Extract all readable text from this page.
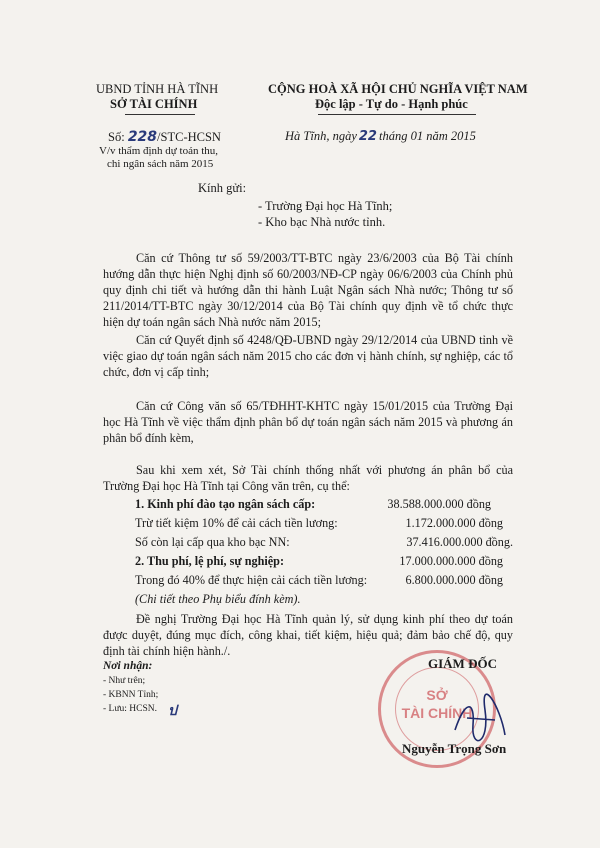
UBND TỈNH HÀ TĨNH
SỞ TÀI CHÍNH
Số: 228/STC-HCSN
V/v thẩm định dự toán thu,
chi ngân sách năm 2015
CỘNG HOÀ XÃ HỘI CHỦ NGHĨA VIỆT NAM
Độc lập - Tự do - Hạnh phúc
Hà Tĩnh, ngày 22 tháng 01 năm 2015
Kính gửi:
- Trường Đại học Hà Tĩnh;
- Kho bạc Nhà nước tỉnh.
Căn cứ Thông tư số 59/2003/TT-BTC ngày 23/6/2003 của Bộ Tài chính hướng dẫn thực hiện Nghị định số 60/2003/NĐ-CP ngày 06/6/2003 của Chính phủ quy định chi tiết và hướng dẫn thi hành Luật Ngân sách Nhà nước; Thông tư số 211/2014/TT-BTC ngày 30/12/2014 của Bộ Tài chính quy định về tổ chức thực hiện dự toán ngân sách Nhà nước năm 2015;
Căn cứ Quyết định số 4248/QĐ-UBND ngày 29/12/2014 của UBND tỉnh về việc giao dự toán ngân sách năm 2015 cho các đơn vị hành chính, sự nghiệp, các tổ chức, đơn vị cấp tỉnh;
Căn cứ Công văn số 65/TĐHHT-KHTC ngày 15/01/2015 của Trường Đại học Hà Tĩnh về việc thẩm định phân bổ dự toán ngân sách năm 2015 và phương án phân bổ đính kèm,
Sau khi xem xét, Sở Tài chính thống nhất với phương án phân bổ của Trường Đại học Hà Tĩnh tại Công văn trên, cụ thể:
1. Kinh phí đào tạo ngân sách cấp:	38.588.000.000 đồng
Trừ tiết kiệm 10% để cải cách tiền lương:	1.172.000.000 đồng
Số còn lại cấp qua kho bạc NN:	37.416.000.000 đồng.
2. Thu phí, lệ phí, sự nghiệp:	17.000.000.000 đồng
Trong đó 40% để thực hiện cải cách tiền lương:	6.800.000.000 đồng
(Chi tiết theo Phụ biểu đính kèm).
Đề nghị Trường Đại học Hà Tĩnh quản lý, sử dụng kinh phí theo dự toán được duyệt, đúng mục đích, công khai, tiết kiệm, hiệu quả; đảm bảo chế độ, quy định tài chính hiện hành./.
Nơi nhận:
- Như trên;
- KBNN Tỉnh;
- Lưu: HCSN. ป
SỞ
TÀI CHÍNH
GIÁM ĐỐC
Nguyễn Trọng Sơn
